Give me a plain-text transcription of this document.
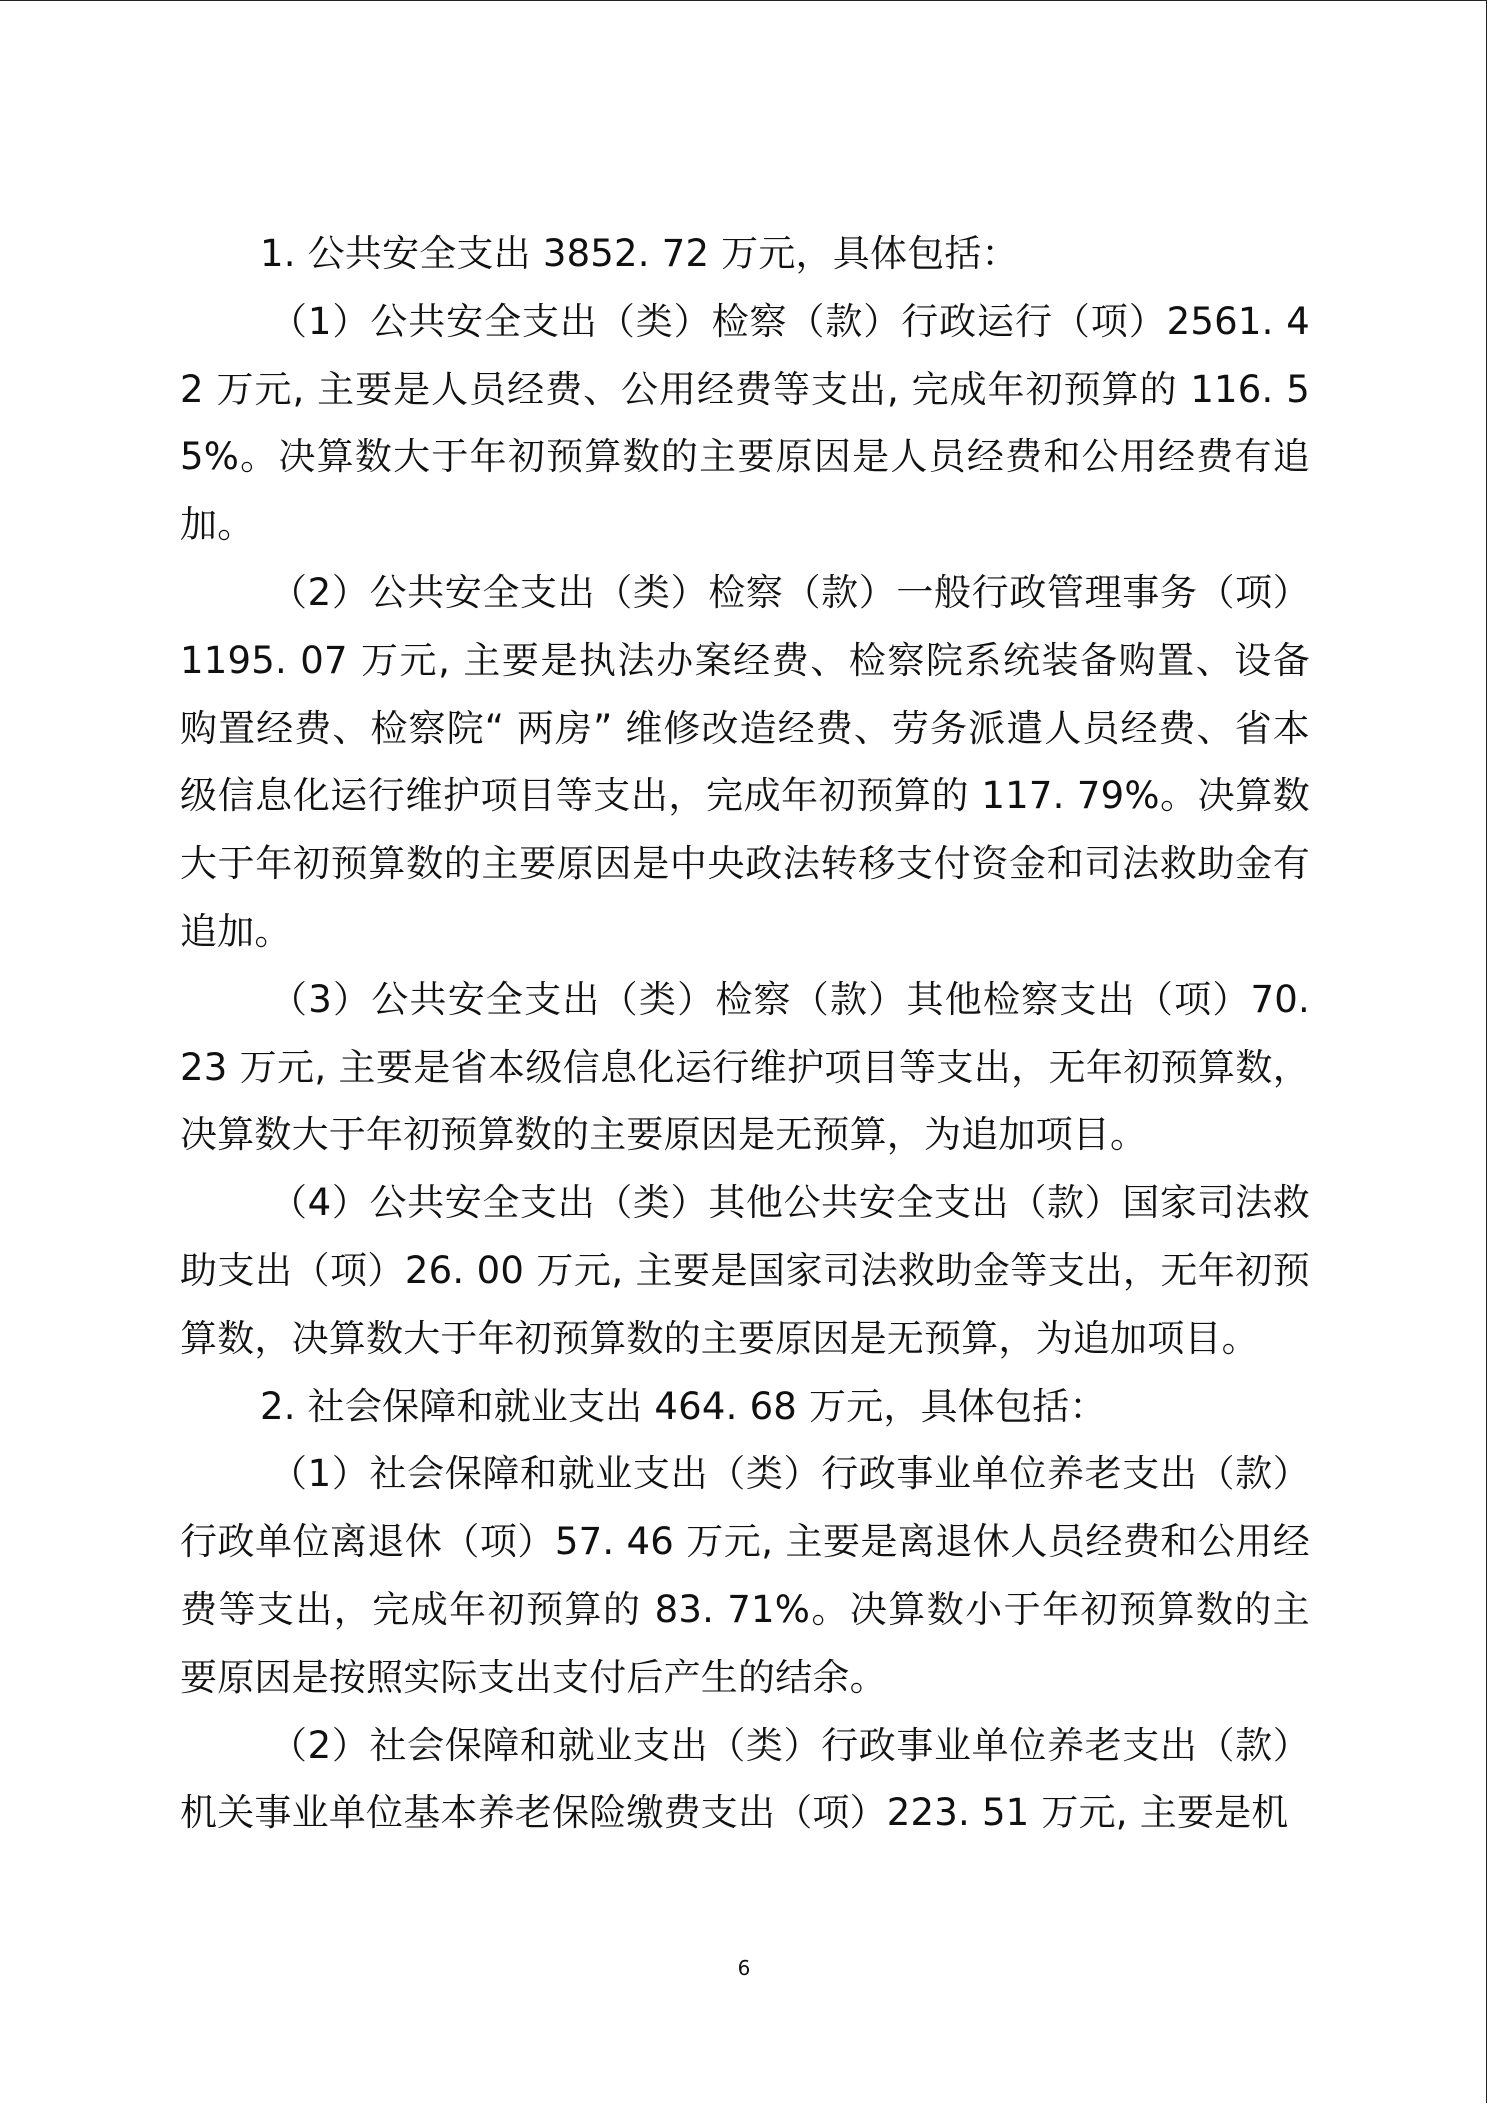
1. 公共安全支出 3852. 72 万元，具体包括：

（1）公共安全支出（类）检察（款）行政运行（项）2561. 42 万元, 主要是人员经费、公用经费等支出, 完成年初预算的 116. 55%。决算数大于年初预算数的主要原因是人员经费和公用经费有追加。

（2）公共安全支出（类）检察（款）一般行政管理事务（项）1195. 07 万元, 主要是执法办案经费、检察院系统装备购置、设备购置经费、检察院“ 两房” 维修改造经费、劳务派遣人员经费、省本级信息化运行维护项目等支出，完成年初预算的 117. 79%。决算数大于年初预算数的主要原因是中央政法转移支付资金和司法救助金有追加。

（3）公共安全支出（类）检察（款）其他检察支出（项）70. 23 万元, 主要是省本级信息化运行维护项目等支出，无年初预算数，决算数大于年初预算数的主要原因是无预算，为追加项目。

（4）公共安全支出（类）其他公共安全支出（款）国家司法救助支出（项）26. 00 万元, 主要是国家司法救助金等支出，无年初预算数，决算数大于年初预算数的主要原因是无预算，为追加项目。

2. 社会保障和就业支出 464. 68 万元，具体包括：

（1）社会保障和就业支出（类）行政事业单位养老支出（款）行政单位离退休（项）57. 46 万元, 主要是离退休人员经费和公用经费等支出，完成年初预算的 83. 71%。决算数小于年初预算数的主要原因是按照实际支出支付后产生的结余。

（2）社会保障和就业支出（类）行政事业单位养老支出（款）机关事业单位基本养老保险缴费支出（项）223. 51 万元, 主要是机

6
